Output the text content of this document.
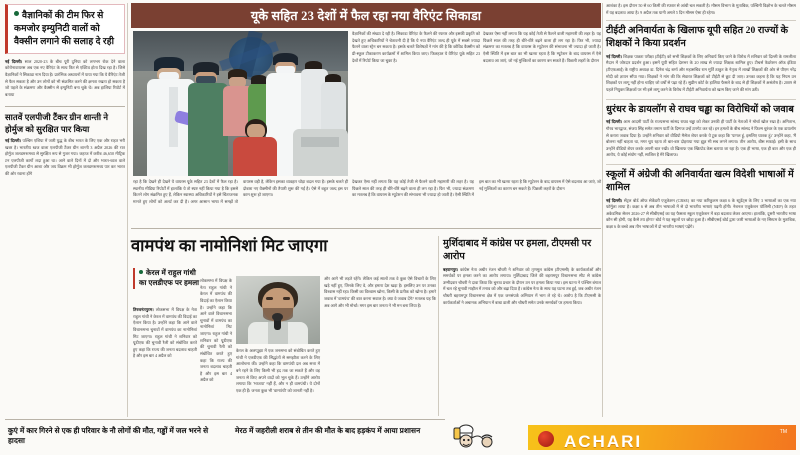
वैज्ञानिकों की टीम फिर से कमजोर इम्युनिटी वालों को वैक्सीन लगाने की सलाह दे रही
नई दिल्ली। साल 2020-23 के बीच पूरी दुनिया को लगभग रोक देने वाला कोरोनावायरस अब एक नए वैरिएंट के साथ फिर से एक्टिव होता दिख रहा है। जिसे वैज्ञानिकों ने सिकाडा नाम दिया है। प्रारंभिक अध्ययनों में पाया गया कि ये वैरिएंट तेजी से फैल सकता है और उन लोगों को भी संक्रमित करने की क्षमता रखता हो सकता है जो पहले के संक्रमण और वैक्सीन से इम्युनिटी बना चुके थे। अब हालिया रिपोर्ट में बताया
सातवें एलपीजी टैंकर ग्रीन शान्ती ने होर्मुज को सुरक्षित पार किया
नई दिल्ली। पश्चिम एशिया में जारी युद्ध के बीच भारत के लिए एक और राहत भरी खबर है। भारतीय ध्वज वाला एलपीजी टैंकर ग्रीन शान्ती 3 अप्रैल 2026 की रात होर्मुज जलडमरूमध्य से सुरक्षित रूप से गुजर गया। जहाज में करीब 46,650 मीट्रिक टन एलपीजी कार्गो लदा हुआ था। आने वाले दिनों में दो और भारत-ध्वज वाले एलपीजी टैंकर ग्रीन आशा और जय विक्रम भी होर्मुज जलडमरूमध्य पार कर भारत की ओर रवाना होंगे
यूके सहित 23 देशों में फैल रहा नया वैरिएंट सिकाडा
वैज्ञानिकों की संख्या दे रही है। सिकाडा वैरिएंट के फैलने की रफ्तार और इसकी प्रकृति को देखते हुए अधिकारियों ने चेतावनी दी है कि ये नया वैरिएंट जल्द ही यूके में सबसे ज्यादा फैलने वाला स्ट्रेन बन सकता है। इसके चलते विशेषज्ञों ने मांग की है कि कोविड वैक्सीन को प्री-स्कूल टीकाकरण कार्यक्रमों में शामिल किया जाए। फिलहाल ये वैरिएंट यूके सहित 23 देशों में रिपोर्ट किया जा चुका है।
देखकर ऐसा नहीं लगता कि यह कोई तेजी से फैलने वाली महामारी की लहर है। यह पिछले साल की तरह ही धीरे-धीरे बढ़ने वाला ही लग रहा है। फिर भी, ज्यादा संक्रमण का मतलब है कि वायरस के म्यूटेशन की संभावना भी ज्यादा हो जाती है। ऐसी स्थिति में इस बात का भी खतरा रहता है कि म्यूटेशन के बाद वायरस में ऐसे बदलाव आ जाएं, जो नई मुश्किलों का कारण बन सकते हैं। पिछली लहरों के दौरान
रहा है कि देखने ही देखने ये वायरस यूके सहित 23 देशों में फैल रहा है। स्थानीय मीडिया रिपोर्टों में हालांकि ये तो स्पष्ट नहीं किया गया है कि इससे कितने लोग संक्रमित हुए हैं, लेकिन स्वास्थ्य अधिकारियों ने इसे चिंताजनक मानते हुए लोगों को अलर्ट कर दी है। अगर आसान भाषा में समझें तो वायरस वही है, लेकिन इसका व्यवहार थोड़ा बदल गया है। इसके चलते ही दोबारा नए वैक्सीनों की तैयारी शुरू की गई है। ऐसे में बहुत जल्द इस पर काम शुरू हो जाएगा।
देखकर ऐसा नहीं लगता कि यह कोई तेजी से फैलने वाली महामारी की लहर है। यह पिछले साल की तरह ही धीरे-धीरे बढ़ने वाला ही लग रहा है। फिर भी, ज्यादा संक्रमण का मतलब है कि वायरस के म्यूटेशन की संभावना भी ज्यादा हो जाती है। ऐसी स्थिति में इस बात का भी खतरा रहता है कि म्यूटेशन के बाद वायरस में ऐसे बदलाव आ जाएं, जो नई मुश्किलों का कारण बन सकते हैं। पिछली लहरों के दौरान
वामपंथ का नामोनिशां मिट जाएगा
केरल में राहुल गांधी का एलडीएफ पर हमला
तिरुवनंतपुरम। लोकसभा में विपक्ष के नेता राहुल गांधी ने केरल में वामपंथ की विदाई का ऐलान किया है। उन्होंने कहा कि आने वाले विधानसभा चुनावों में वामपंथ का नामोनिशां मिट जाएगा। राहुल गांधी ने शनिवार को यूडीएफ की चुनावी रैली को संबोधित करते हुए कहा कि राज्य की जनता बदलाव चाहती है और इस बार 4 अप्रैल को
केरल के अलप्पुझा में एक जनसभा को संबोधित करते हुए गांधी ने एलडीएफ की सिद्धांतों से समझौता करने के लिए आलोचना की। उन्होंने कहा कि वामपंथी दल अब सत्ता में बने रहने के लिए किसी भी हद तक जा सकते हैं और वह जनता से किए अपने वादों को भूल चुके हैं। उन्होंने आरोप लगाया कि 'भाजपा' नहीं हैं, और न ही वामपंथी। ये दोनों एक ही हैं। जनता कुछ भी 'वामपंथी' को जानती नहीं है।
लोकसभा में विपक्ष के नेता राहुल गांधी ने केरल में वामपंथ की विदाई का ऐलान किया है। उन्होंने कहा कि आने वाले विधानसभा चुनावों में वामपंथ का नामोनिशां मिट जाएगा। राहुल गांधी ने शनिवार को यूडीएफ की चुनावी रैली को संबोधित करते हुए कहा कि राज्य की जनता बदलाव चाहती है और इस बार 4 अप्रैल को
और आगे भी लड़ते रहेंगे। लेकिन कई सालों तक वे कुछ ऐसे विचारों के लिए खड़े नहीं हुए, जिनके लिए वे, और हमारा देश खड़ा है। इसलिए उन पर उनका विश्वास नहीं रहा। किसी का विश्वास खोना, किसी के प्रतीक को खोना है। हमारे जवाब में 'वामपंथ' की बात करना सवाल है। क्या वे जवाब देंगे? मतलब यह कि अब आगे और भी मोर्चा। मगर इस बार जनता ने भी मन बना लिया है।
मुर्शिदाबाद में कांग्रेस पर हमला, टीएमसी पर आरोप
बहरामपुर। कांग्रेस नेता अधीर रंजन चौधरी ने शनिवार को तृणमूल कांग्रेस (टीएमसी) के कार्यकर्ताओं और समर्थकों पर हमला करने का आरोप लगाया। मुर्शिदाबाद जिले की बहरामपुर विधानसभा सीट से कांग्रेस उम्मीदवार चौधरी ने दावा किया कि चुनाव प्रचार के दौरान उन पर हमला किया गया। इस घटना ने पश्चिम बंगाल में चल रहे चुनावी माहौल में तनाव को और बढ़ा दिया है। कांग्रेस नेता के साथ यह घटना तब हुई, जब अधीर रंजन चौधरी बहरामपुर विधानसभा क्षेत्र में एक जनसंपर्क अभियान में भाग ले रहे थे। आरोप है कि टीएमसी के कार्यकर्ताओं ने अचानक अभियान में बाधा डाली और चौधरी समेत उनके समर्थकों पर हमला किया।
आशंका है। इस दौरान 50 से 60 किमी की रफ्तार से आंधी चल सकती है। मौसम विभाग के मुताबिक, पश्चिमी विक्षोभ के चलते मौसम में यह बदलाव आया है। 9 अप्रैल तक यानी अगले 5 दिन मौसम ऐसा ही रहेगा।
टीईटी अनिवार्यता के खिलाफ यूपी सहित 20 राज्यों के शिक्षकों ने किया प्रदर्शन
नई दिल्ली। शिक्षक पात्रता परीक्षा (टीईटी) को सभी शिक्षकों के लिए अनिवार्य किए जाने के विरोध में शनिवार को दिल्ली के रामलीला मैदान में जोरदार प्रदर्शन हुआ। इसमें यूपी सहित देशभर के 20 लाख से ज्यादा शिक्षक शामिल हुए। टीचर्स फेडरेशन ऑफ इंडिया (टीएफआई) के राष्ट्रीय अध्यक्ष डा. दिनेश चंद्र शर्मा और महासचिव राम मूर्ति ठाकुर के नेतृत्व में लाखों शिक्षकों की ओर से पीएम नरेंद्र मोदी को ज्ञापन सौंपा गया। शिक्षकों ने मांग की कि सेवारत शिक्षकों को टीईटी से छूट दी जाए। उनका कहना है कि यह नियम उन शिक्षकों पर लागू नहीं होना चाहिए जो वर्षों से पढ़ा रहे हैं। सुप्रीम कोर्ट के हालिया फैसले के बाद से ही शिक्षकों में असंतोष है। 2009 से पहले नियुक्त शिक्षकों पर भी इसे लागू करने के विरोध में टीईटी अनिवार्यता को खत्म किए जाने की मांग उठी।
धुरंधर के डायलॉग से राघव चड्ढा का विरोधियों को जवाब
नई दिल्ली। आम आदमी पार्टी के राज्यसभा सांसद राघव चड्ढा को लेकर उनकी ही पार्टी के नेताओं ने मोर्चा खोल रखा है। अमिताभ, गौरव भारद्वाज, संजय सिंह समेत तमाम पार्टी के दिग्गज उन्हें टारगेट कर रहे। इन हमलों के बीच सांसद ने फिल्म धुरंधर के एक डायलॉग से करारा जवाब दिया है। उन्होंने शनिवार को वीडियो मैसेज शेयर करके ये टूक कहा कि 'पागल हूं, इसलिए घातक हूं।' उन्होंने कहा, 'मैं बोलना नहीं चाहता था, मगर चुप रहता तो बार-बार दोहराया गया झूठ भी सच लगने लगता। तीन आरोप, बीस सफाई। इसी के साथ उन्होंने वीडियो शेयर करके अपनी बात रखी। वो खिलाफ एक स्क्रिप्टेड केस बताया जा रहा है। एक ही भाषा, एक ही बात और एक ही आरोप, ये कोई संयोग नहीं, साजिश है मेरे खिलाफ।
स्कूलों में अंग्रेजी की अनिवार्यता खत्म विदेशी भाषाओं में शामिल
नई दिल्ली। सेंट्रल बोर्ड ऑफ सेकेंडरी एजुकेशन (CBSE) का नया करिकुलम कक्षा 6 के स्टूडेंट्स के लिए 3 भाषाओं का एक नया फॉर्मूला लाया है। कक्षा 6 से अब तीन भाषाओं में से दो भारतीय भाषाएं पढ़नी होंगी। नेशनल एजुकेशन पॉलिसी (NEP) के तहत अकेडमिक सेशन 2026-27 से सीबीएसई का यह फैसला स्कूल एजुकेशन में बड़ा बदलाव लेकर आएगा। हालांकि, दूसरी भारतीय भाषा कौन सी होगी, यह कैसे तय होगा? बोर्ड ने यह स्कूलों पर छोड़ा हुआ है। सीबीएसई बोर्ड द्वारा जारी भाषाओं के नए सिस्टम के मुताबिक, कक्षा 6 के बच्चे अब तीन भाषाओं में दो भारतीय भाषाएं पढ़ेंगे।
कुएं में कार गिरने से एक ही परिवार के नौ लोगों की मौत, गड्ढों में जल भरने से हादसा
मेरठ में जहरीली शराब से तीन की मौत के बाद हड़कंप में आया प्रशासन
ACHARI	TM
